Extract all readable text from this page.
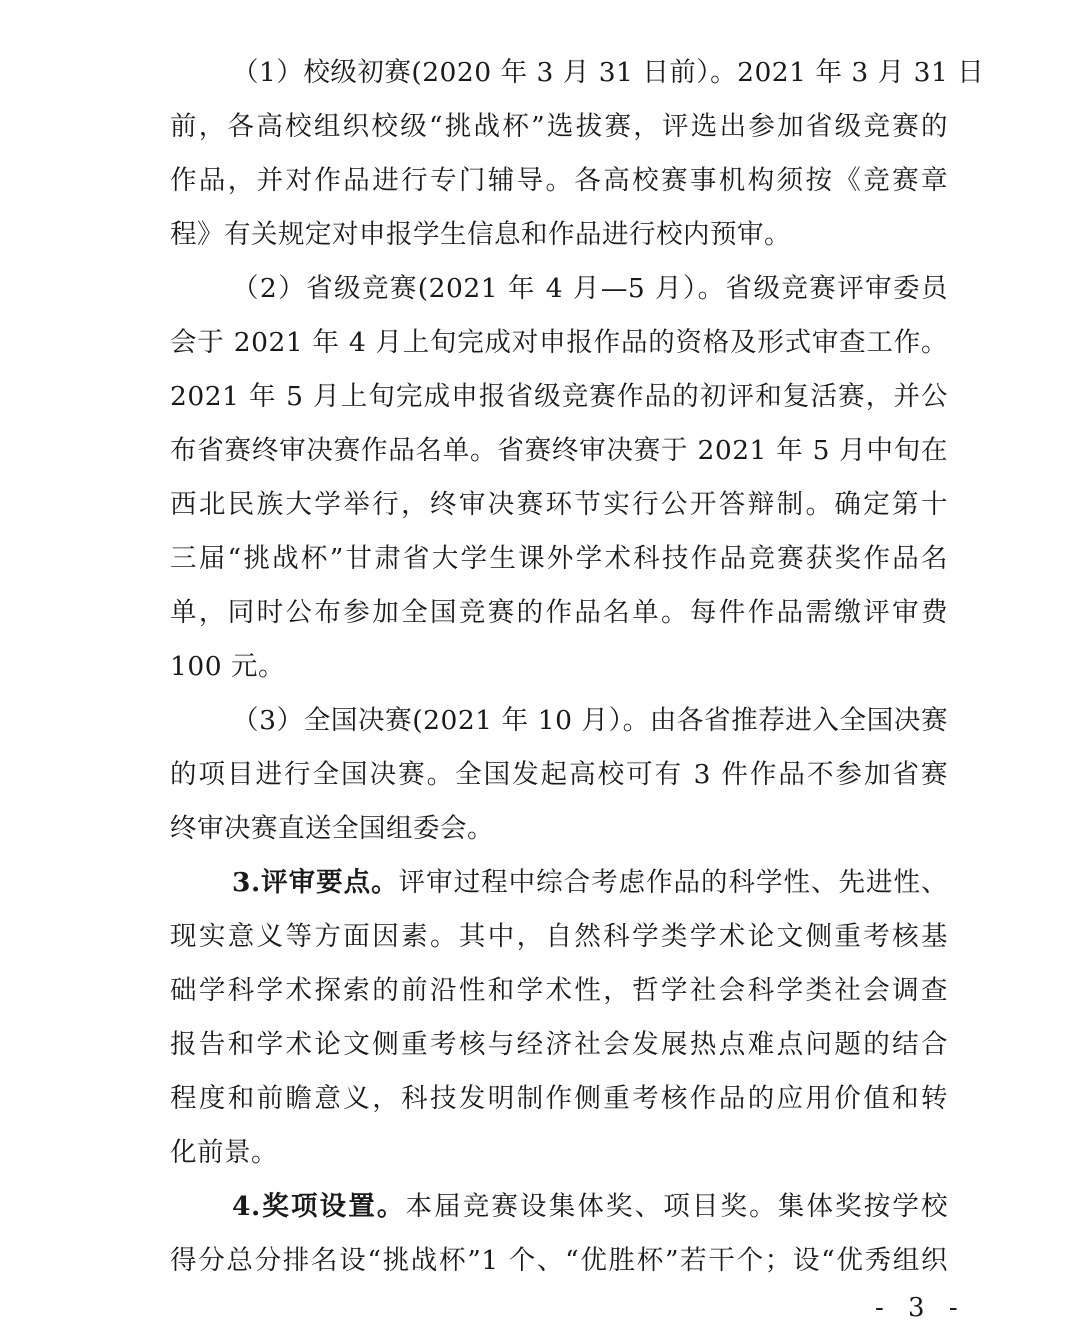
（1）校级初赛(2020 年 3 月 31 日前）。2021 年 3 月 31 日
前，各高校组织校级“挑战杯”选拔赛，评选出参加省级竞赛的
作品，并对作品进行专门辅导。各高校赛事机构须按《竞赛章
程》有关规定对申报学生信息和作品进行校内预审。
（2）省级竞赛(2021 年 4 月—5 月）。省级竞赛评审委员
会于 2021 年 4 月上旬完成对申报作品的资格及形式审查工作。
2021 年 5 月上旬完成申报省级竞赛作品的初评和复活赛，并公
布省赛终审决赛作品名单。省赛终审决赛于 2021 年 5 月中旬在
西北民族大学举行，终审决赛环节实行公开答辩制。确定第十
三届“挑战杯”甘肃省大学生课外学术科技作品竞赛获奖作品名
单，同时公布参加全国竞赛的作品名单。每件作品需缴评审费
100 元。
（3）全国决赛(2021 年 10 月）。由各省推荐进入全国决赛
的项目进行全国决赛。全国发起高校可有 3 件作品不参加省赛
终审决赛直送全国组委会。
3.评审要点。评审过程中综合考虑作品的科学性、先进性、
现实意义等方面因素。其中，自然科学类学术论文侧重考核基
础学科学术探索的前沿性和学术性，哲学社会科学类社会调查
报告和学术论文侧重考核与经济社会发展热点难点问题的结合
程度和前瞻意义，科技发明制作侧重考核作品的应用价值和转
化前景。
4.奖项设置。本届竞赛设集体奖、项目奖。集体奖按学校
得分总分排名设“挑战杯”1 个、“优胜杯”若干个；设“优秀组织
- 3 -
